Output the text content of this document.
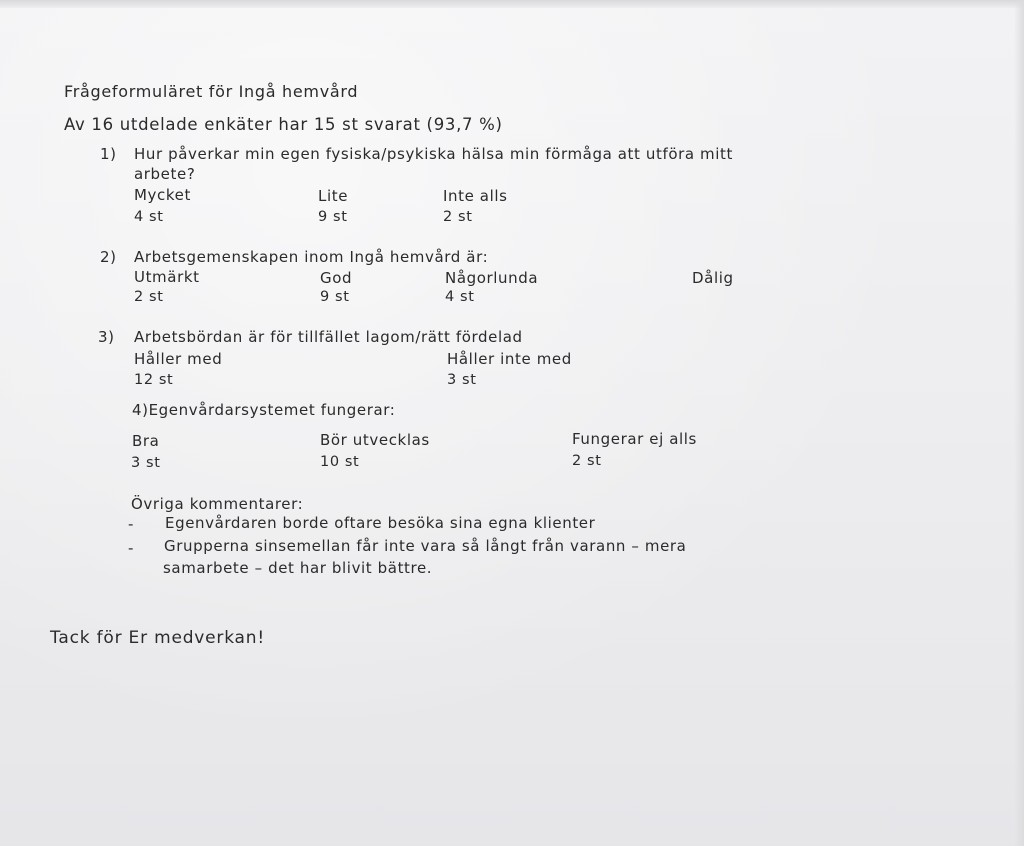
Frågeformuläret för Ingå hemvård
Av 16 utdelade enkäter har 15 st svarat (93,7 %)
1) Hur påverkar min egen fysiska/psykiska hälsa min förmåga att utföra mitt
arbete?
Mycket
4 st
Lite
9 st
Inte alls
2 st
2) Arbetsgemenskapen inom Ingå hemvård är:
Utmärkt
2 st
God
9 st
Någorlunda
4 st
Dålig
3) Arbetsbördan är för tillfället lagom/rätt fördelad
Håller med
12 st
Håller inte med
3 st
4)Egenvårdarsystemet fungerar:
Bra
3 st
Bör utvecklas
10 st
Fungerar ej alls
2 st
Övriga kommentarer:
- Egenvårdaren borde oftare besöka sina egna klienter
- Grupperna sinsemellan får inte vara så långt från varann – mera
samarbete – det har blivit bättre.
Tack för Er medverkan!
